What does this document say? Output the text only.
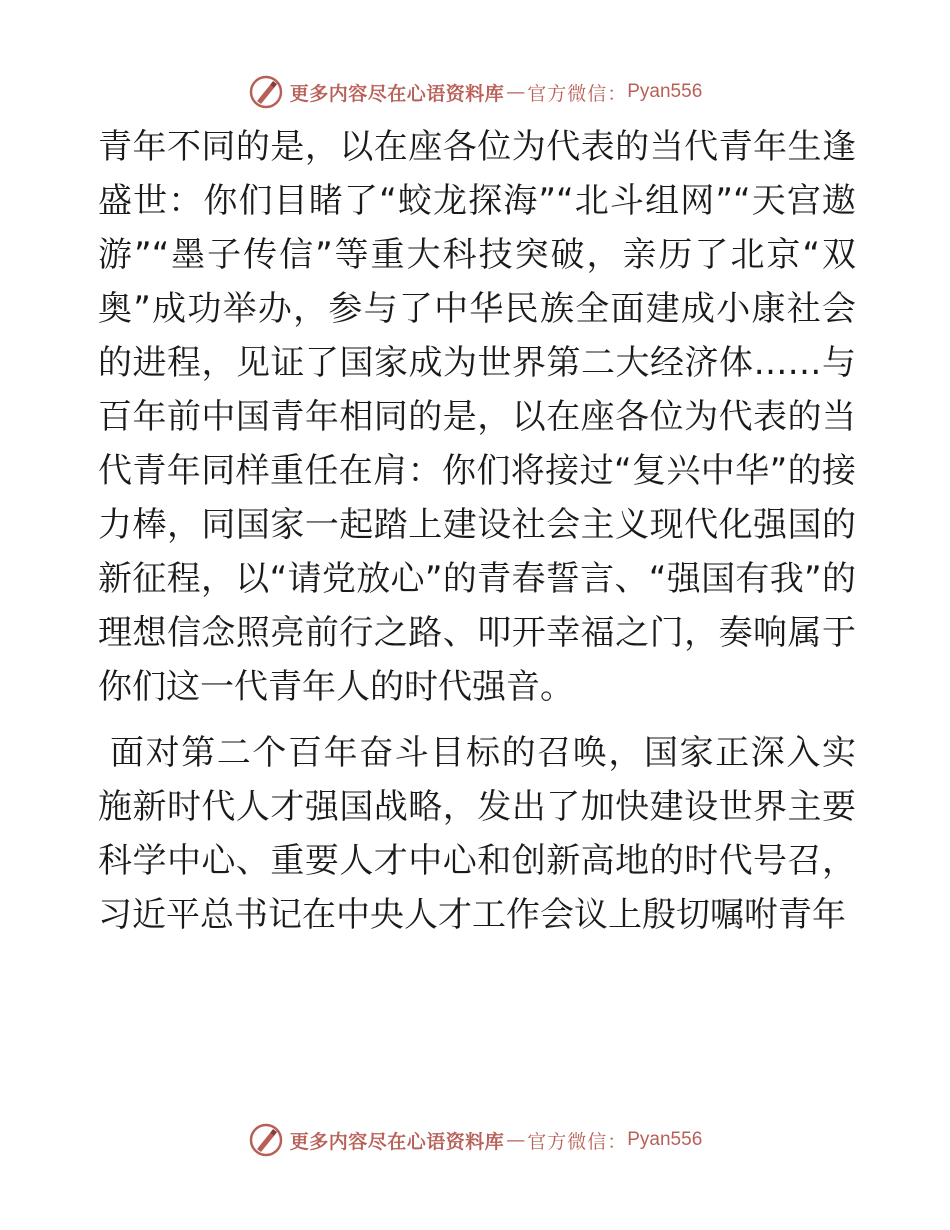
更多内容尽在心语资料库 — 官方微信： Pyan556

青年不同的是，以在座各位为代表的当代青年生逢盛世：你们目睹了“蛟龙探海”“北斗组网”“天宫遨游”“墨子传信”等重大科技突破，亲历了北京“双奥”成功举办，参与了中华民族全面建成小康社会的进程，见证了国家成为世界第二大经济体……与百年前中国青年相同的是，以在座各位为代表的当代青年同样重任在肩：你们将接过“复兴中华”的接力棒，同国家一起踏上建设社会主义现代化强国的新征程，以“请党放心”的青春誓言、“强国有我”的理想信念照亮前行之路、叩开幸福之门，奏响属于你们这一代青年人的时代强音。

面对第二个百年奋斗目标的召唤，国家正深入实施新时代人才强国战略，发出了加快建设世界主要科学中心、重要人才中心和创新高地的时代号召，习近平总书记在中央人才工作会议上殷切嘱咐青年

更多内容尽在心语资料库 — 官方微信： Pyan556
